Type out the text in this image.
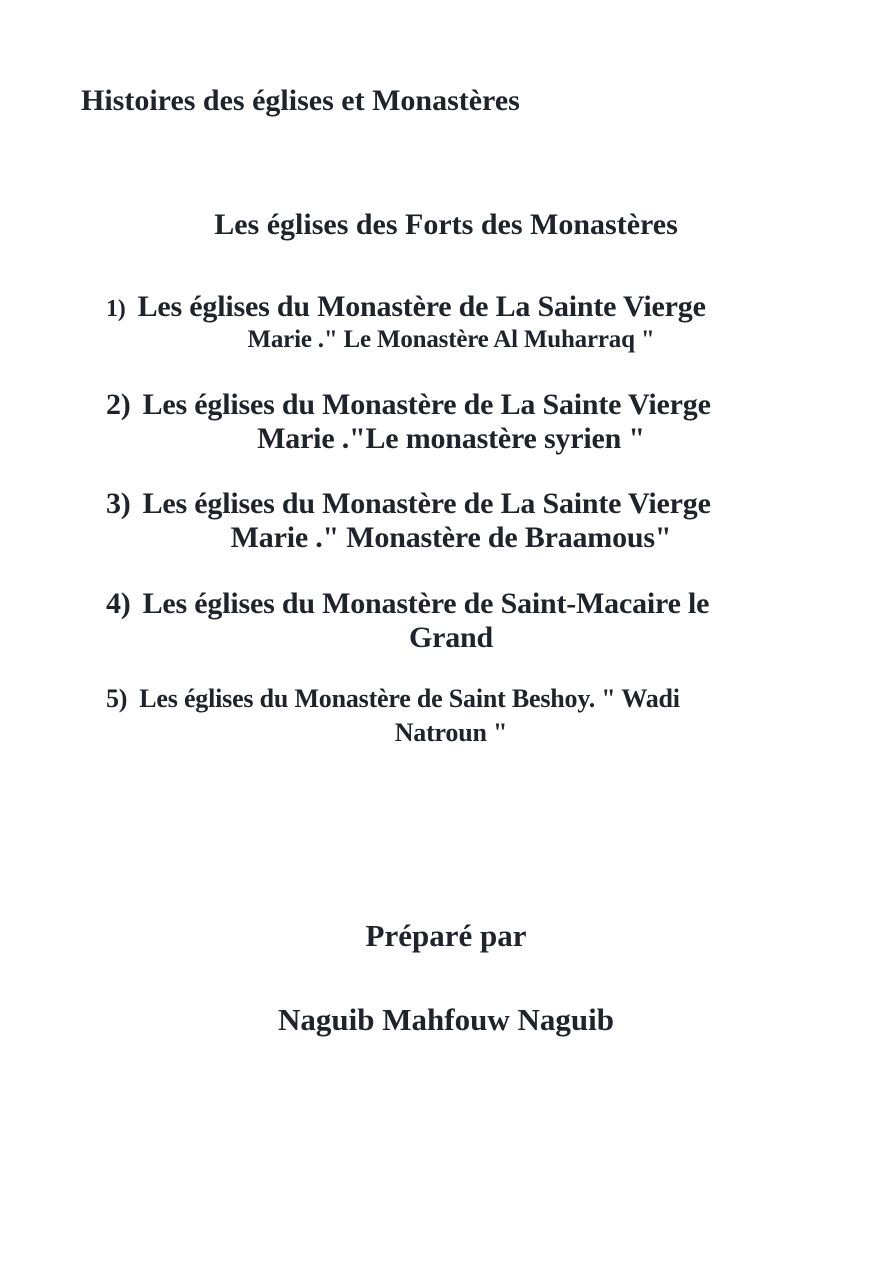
Histoires des églises et Monastères
Les églises des Forts des Monastères
1) Les églises du Monastère de La Sainte Vierge
Marie ." Le Monastère Al Muharraq "
2) Les églises du Monastère de La Sainte Vierge
Marie ."Le monastère syrien "
3) Les églises du Monastère de La Sainte Vierge
Marie ." Monastère de Braamous"
4) Les églises du Monastère de Saint-Macaire le
Grand
5) Les églises du Monastère de Saint Beshoy. " Wadi
Natroun "
Préparé par
Naguib Mahfouw Naguib
